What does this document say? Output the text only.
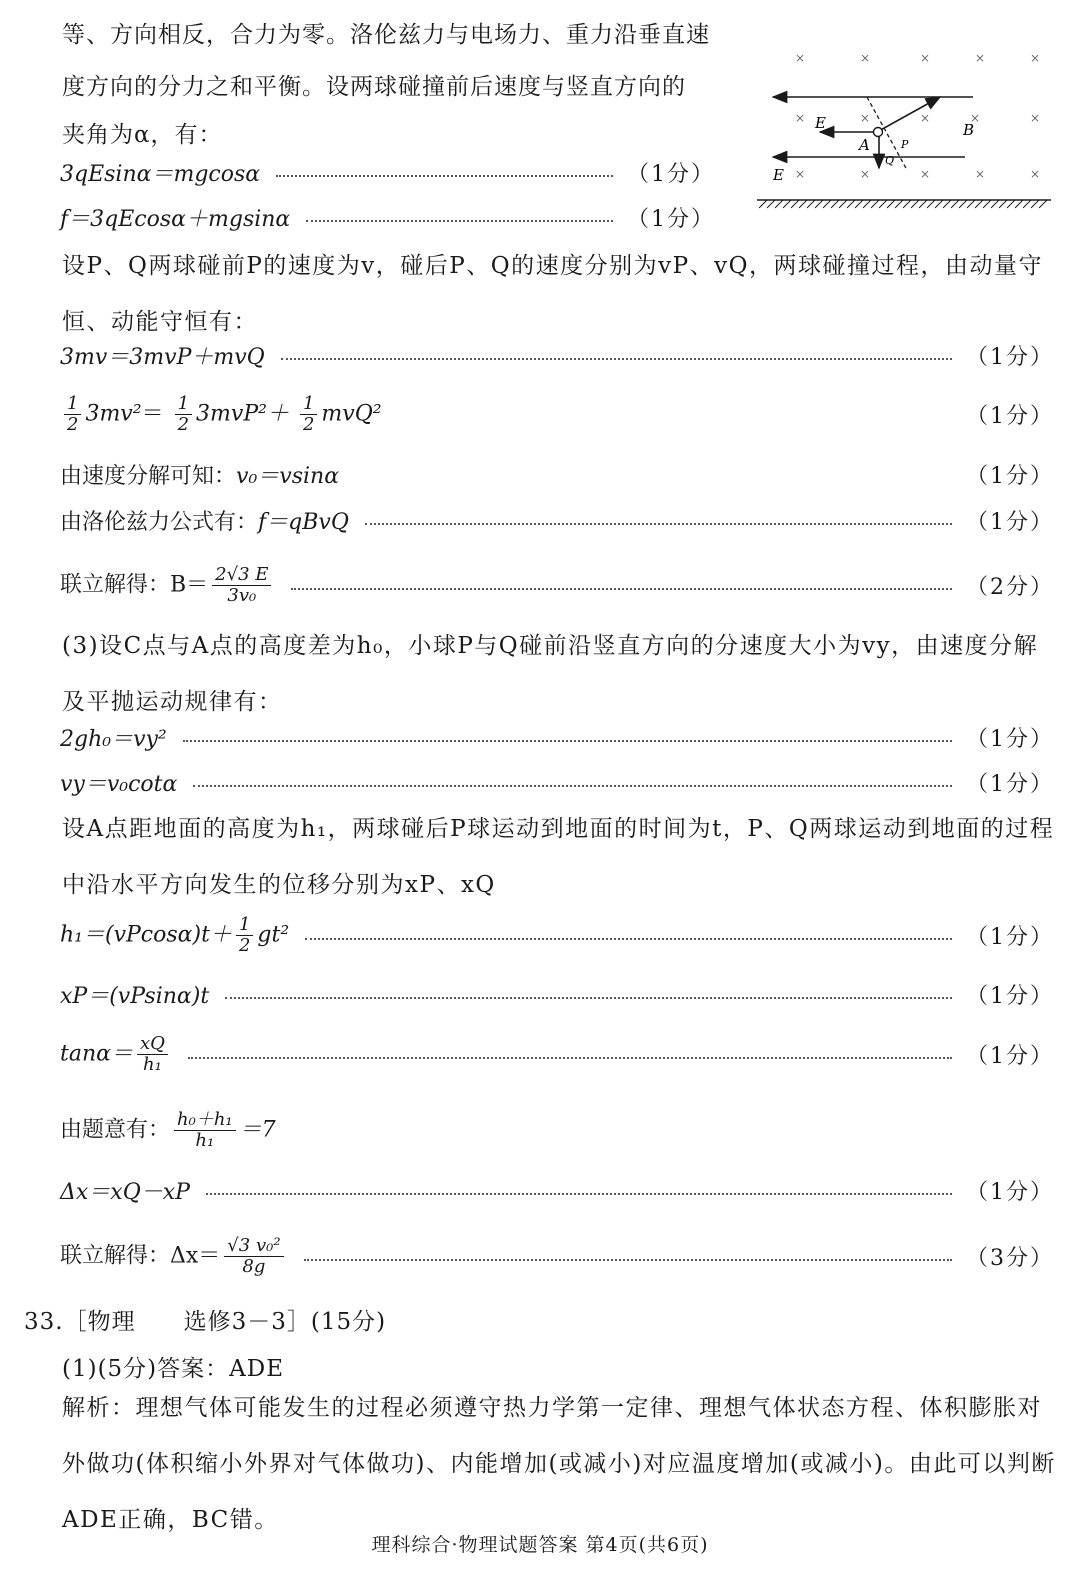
等、方向相反，合力为零。洛伦兹力与电场力、重力沿垂直速
度方向的分力之和平衡。设两球碰撞前后速度与竖直方向的
夹角为α，有：
×	×	×	×	×
×	×	×	×	×
×	×	×	×	×
E
E
A
B
P
Q
3qEsinα＝mgcosα	（1分）
f＝3qEcosα＋mgsinα	（1分）
设P、Q两球碰前P的速度为v，碰后P、Q的速度分别为vP、vQ，两球碰撞过程，由动量守恒、动能守恒有：
3mv＝3mvP＋mvQ	（1分）
$\frac{1}{2} 3mv^2= \frac{1}{2} 3mvP^2+ \frac{1}{2} mvQ^2$	（1分）
由速度分解可知：v₀＝vsinα	（1分）
由洛伦兹力公式有：f＝qBvQ	（1分）
联立解得：$B= \frac{2√3 E}{\text{3v₀}}$	（2分）
(3)设C点与A点的高度差为h₀，小球P与Q碰前沿竖直方向的分速度大小为vy，由速度分解及平抛运动规律有：
2gh₀＝vy²	（1分）
vy＝v₀cotα	（1分）
设A点距地面的高度为h₁，两球碰后P球运动到地面的时间为t，P、Q两球运动到地面的过程中沿水平方向发生的位移分别为xP、xQ
$h_1=(vPcos\alpha)t+ \frac{1}{2} gt^2$	（1分）
xP＝(vPsinα)t	（1分）
$\tan\alpha= \frac{xQ}{\text{h₁}}$	（1分）
由题意有： $\frac{\text{h₀＋h₁}}{\text{h₁}} =7$
Δx＝xQ－xP	（1分）
联立解得：$\Delta x= \frac{\text{√3 v₀²}}{8g}$	（3分）
33.［物理　　选修3－3］(15分)
(1)(5分)答案：ADE
解析：理想气体可能发生的过程必须遵守热力学第一定律、理想气体状态方程、体积膨胀对外做功(体积缩小外界对气体做功)、内能增加(或减小)对应温度增加(或减小)。由此可以判断ADE正确，BC错。
理科综合·物理试题答案 第4页(共6页)
